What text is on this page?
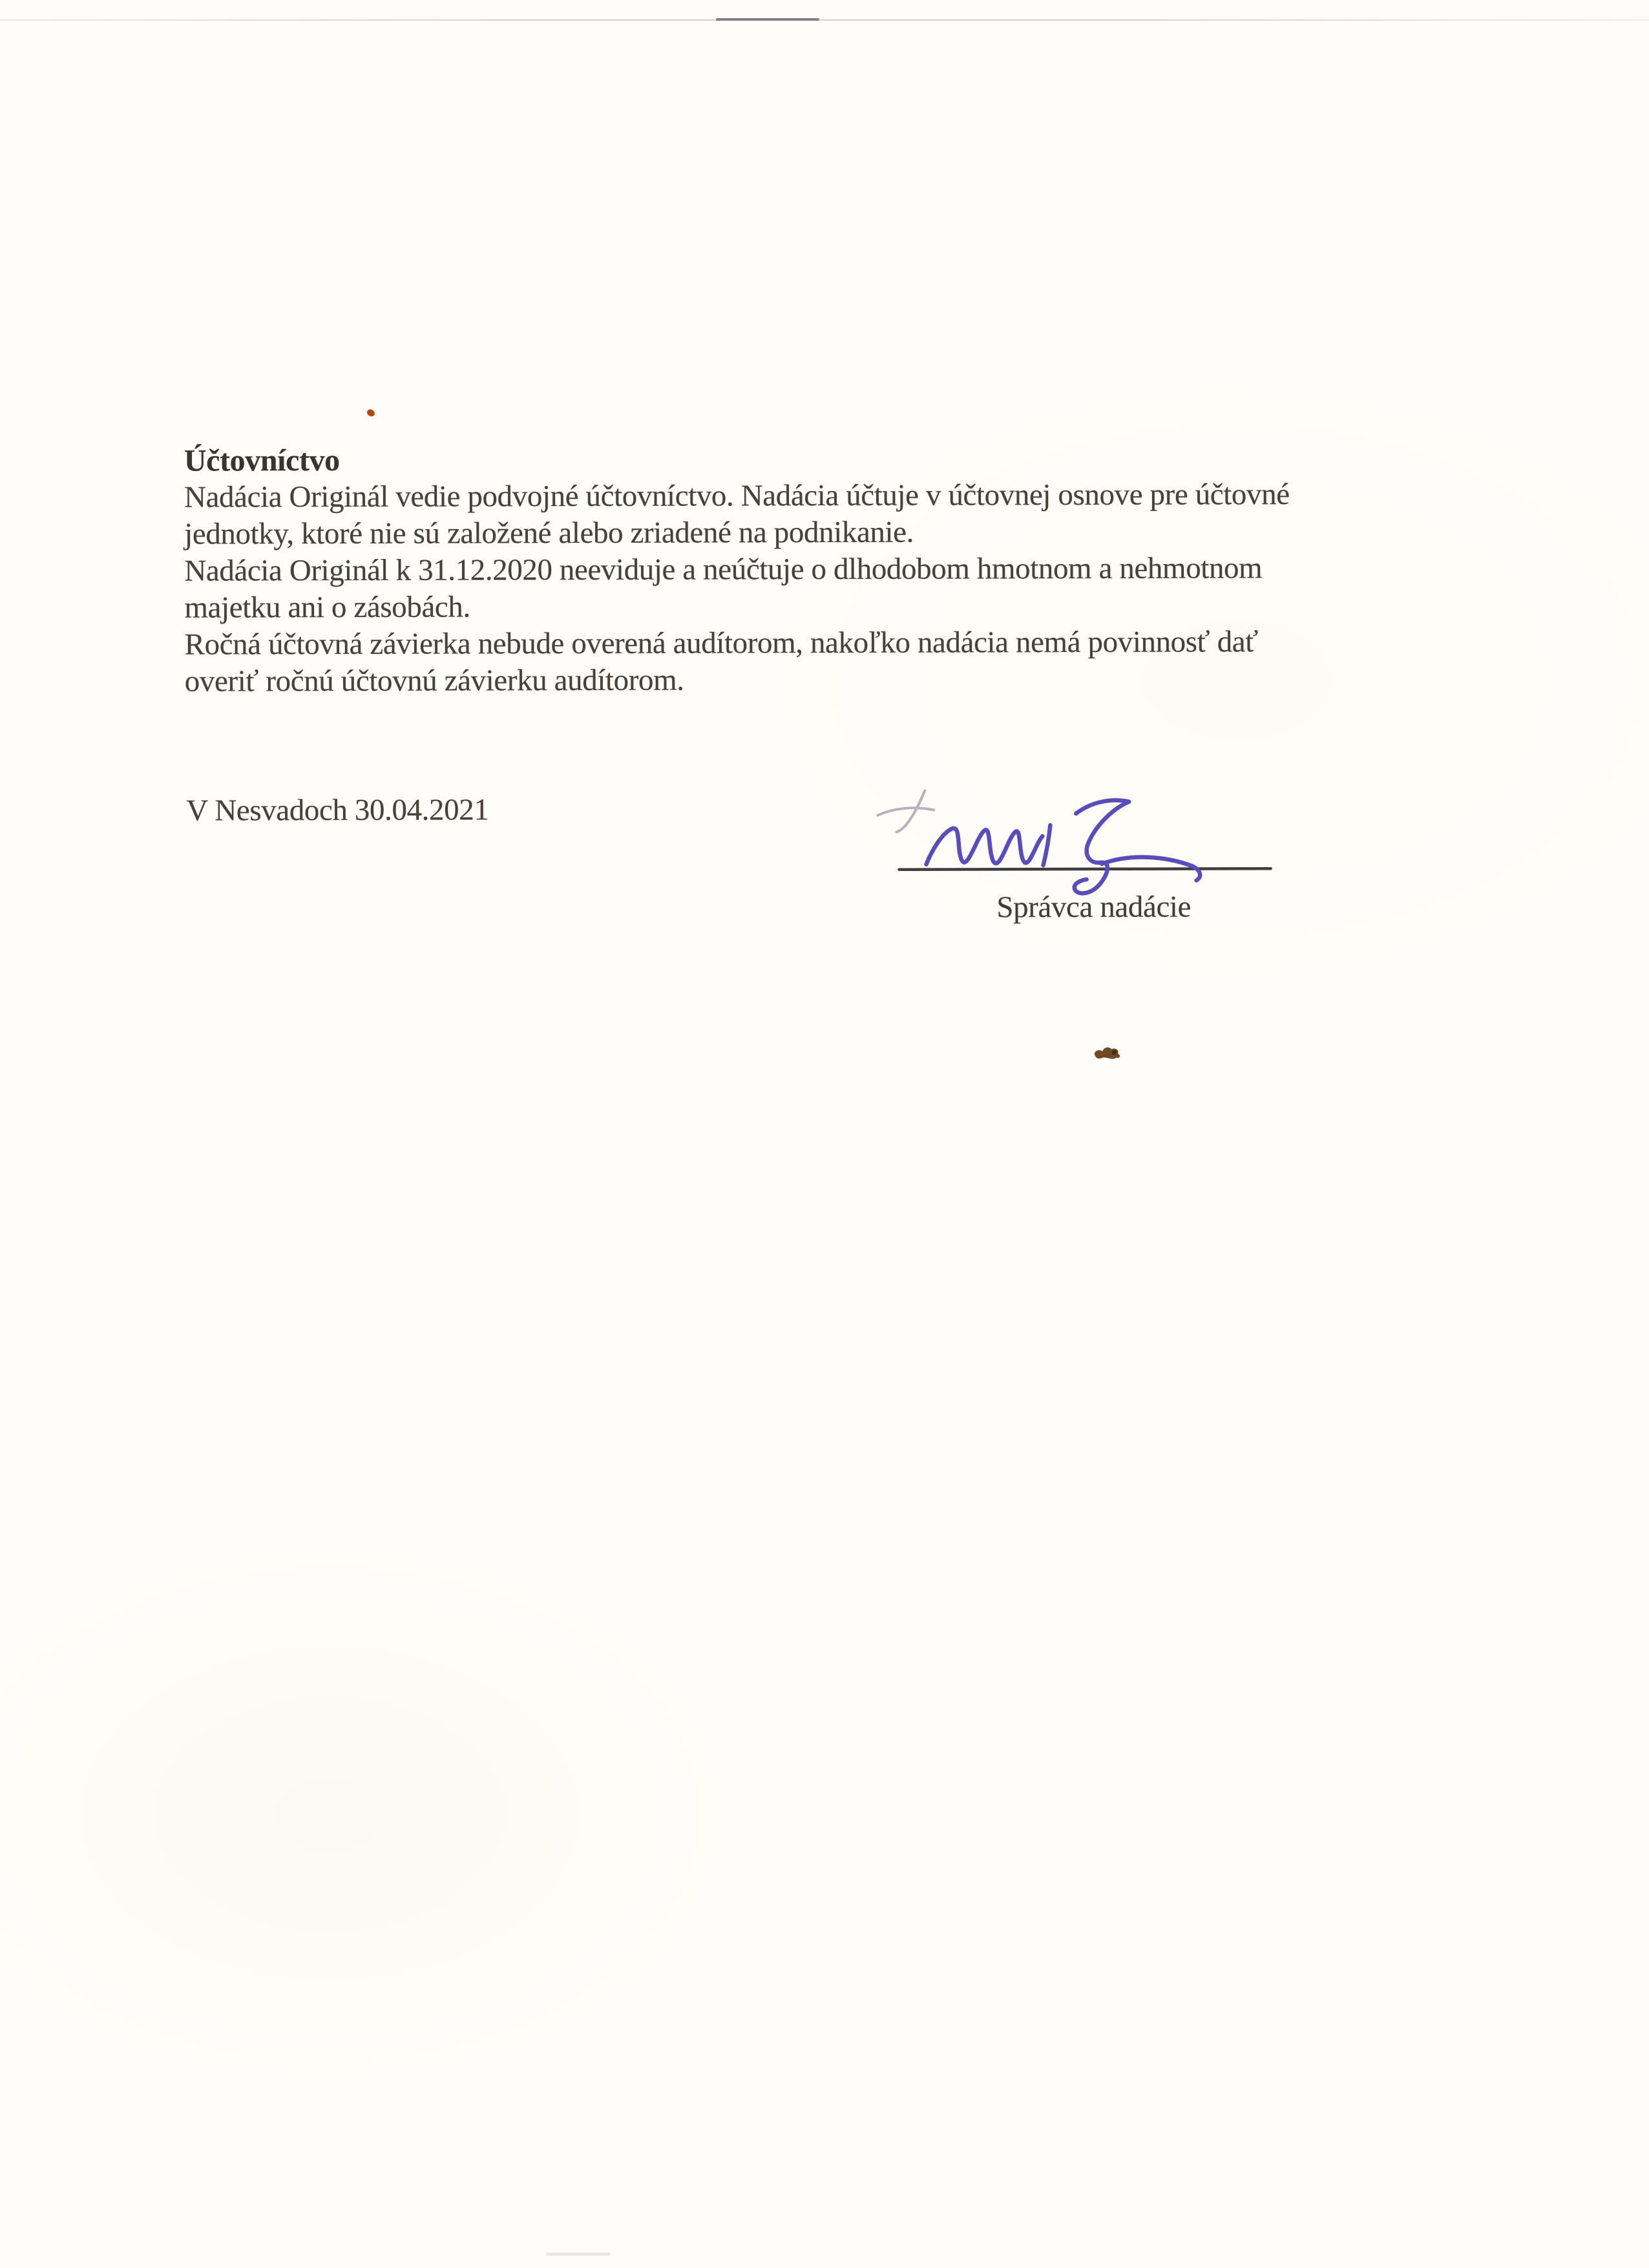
Účtovníctvo
Nadácia Originál vedie podvojné účtovníctvo. Nadácia účtuje v účtovnej osnove pre účtovné
jednotky, ktoré nie sú založené alebo zriadené na podnikanie.
Nadácia Originál k 31.12.2020 neeviduje a neúčtuje o dlhodobom hmotnom a nehmotnom
majetku ani o zásobách.
Ročná účtovná závierka nebude overená audítorom, nakoľko nadácia nemá povinnosť dať
overiť ročnú účtovnú závierku audítorom.
V Nesvadoch 30.04.2021
Správca nadácie
